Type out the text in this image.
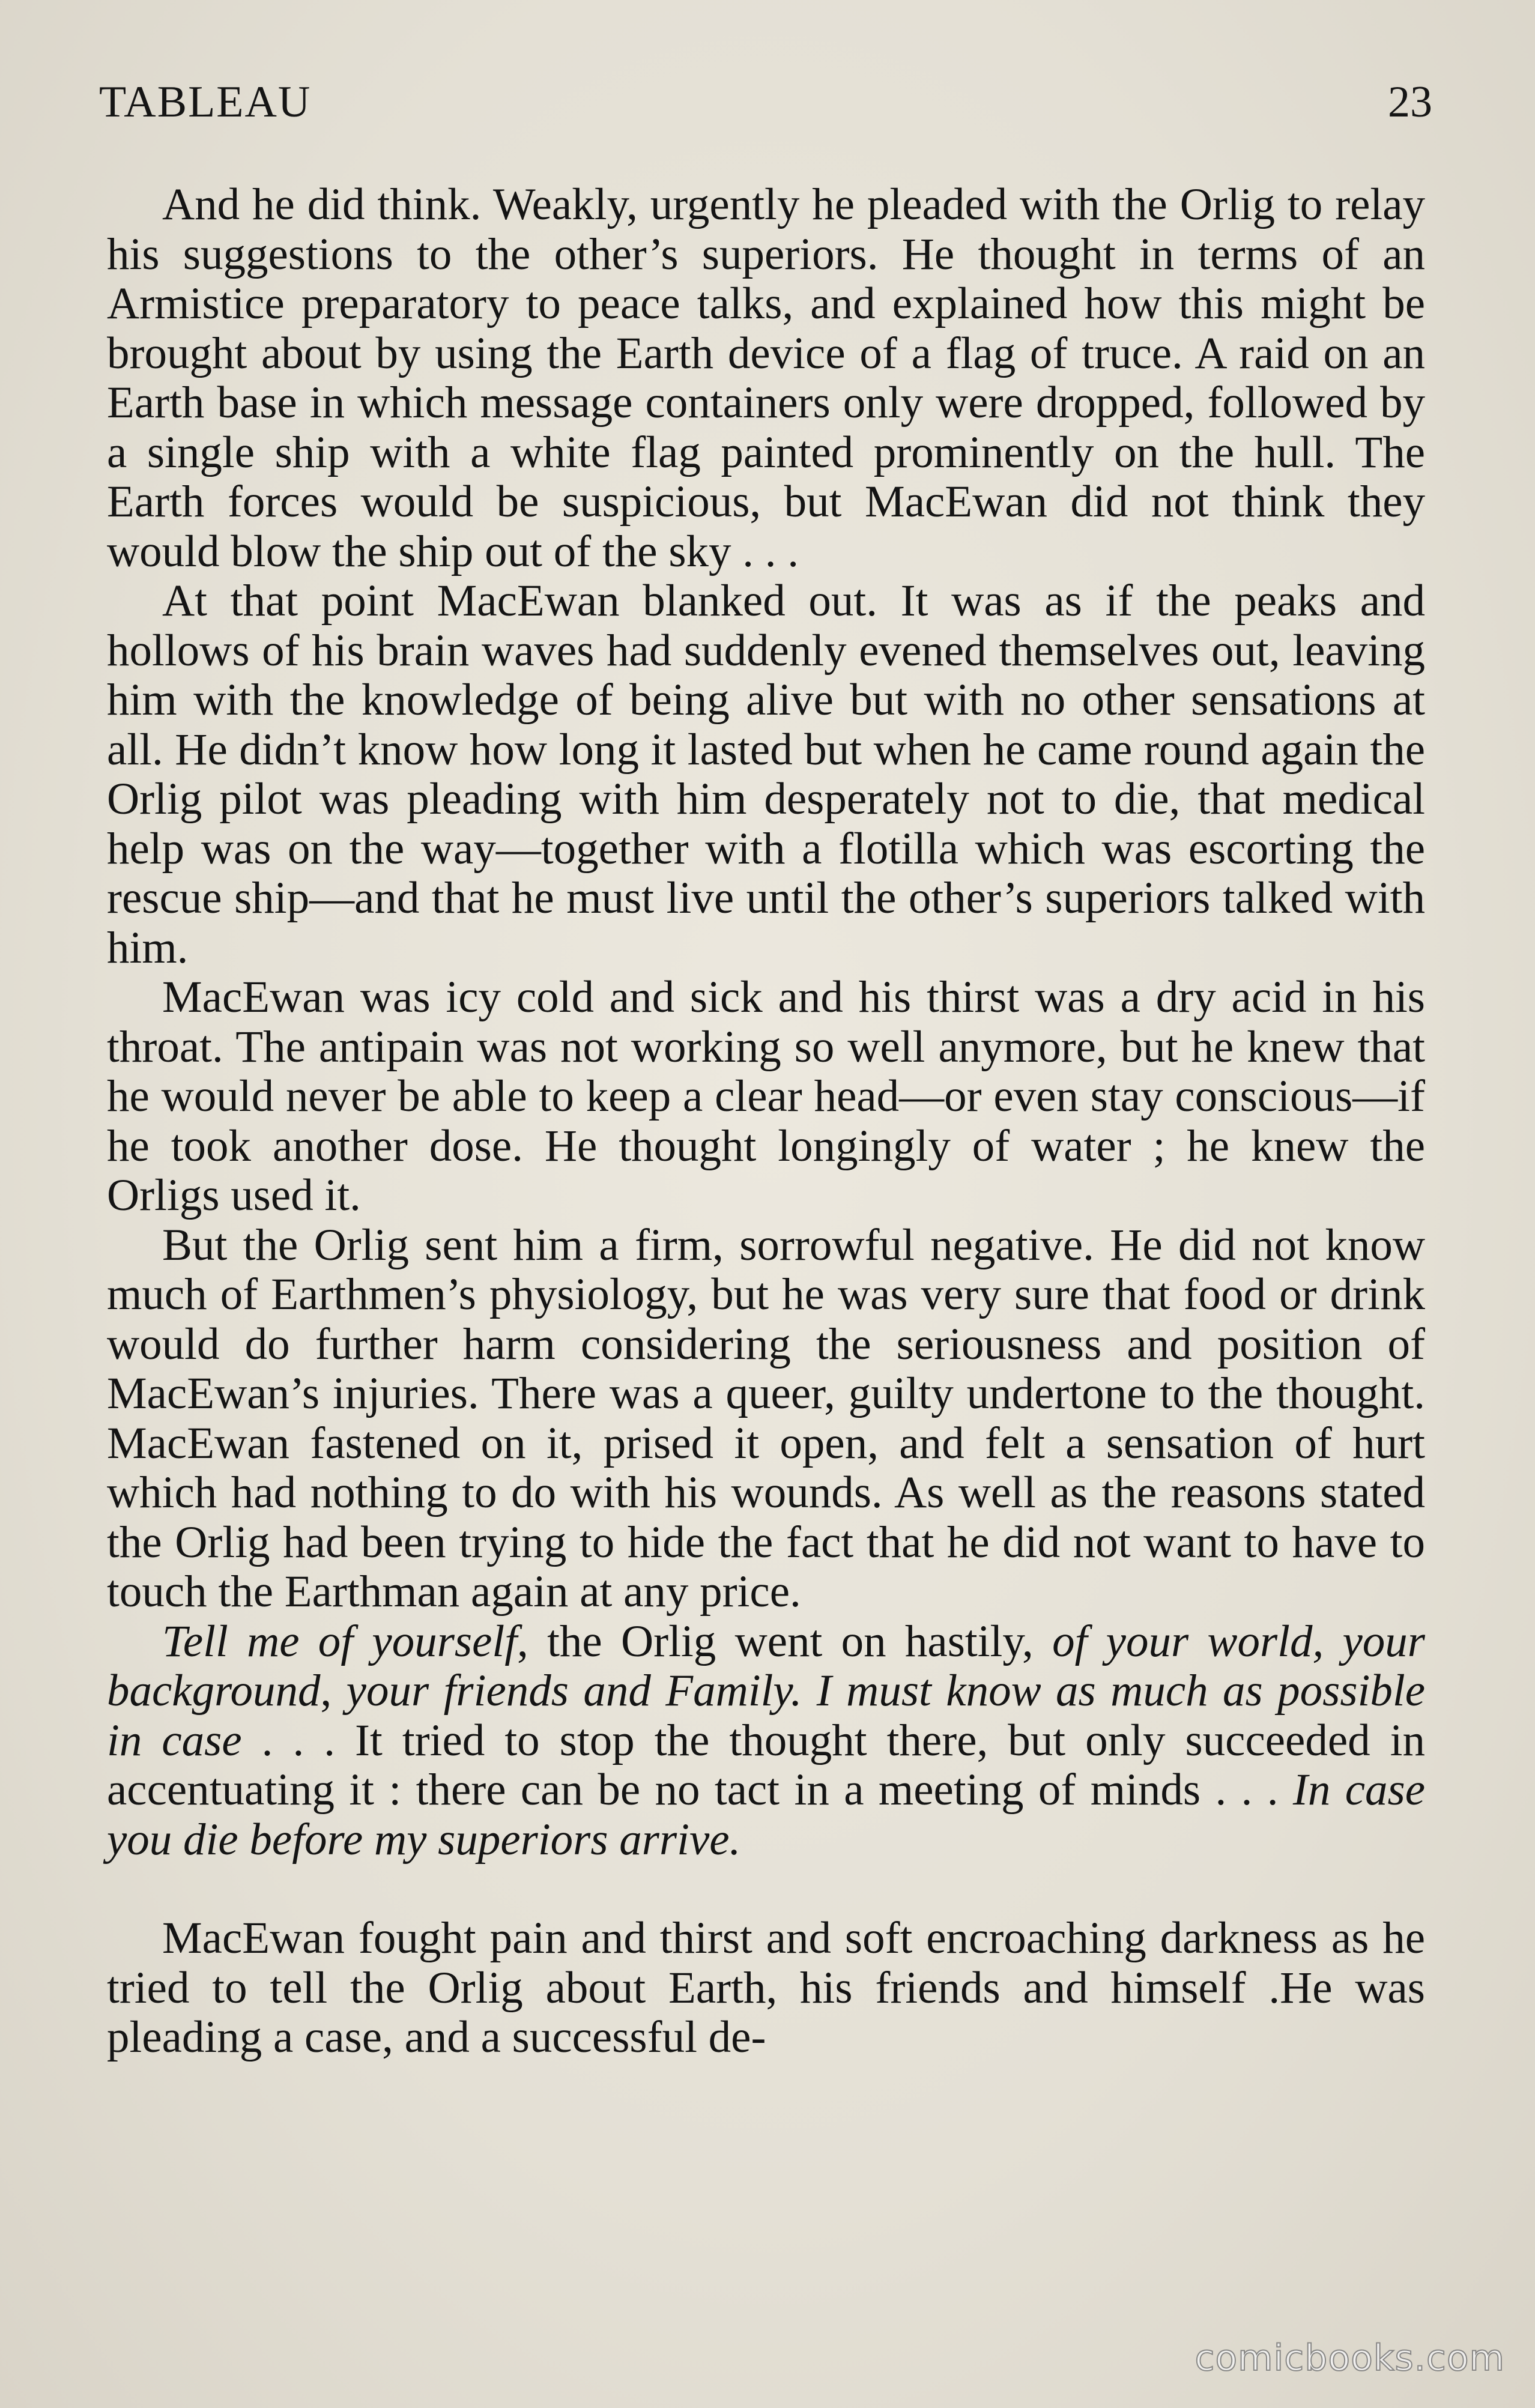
TABLEAU	23

And he did think. Weakly, urgently he pleaded with the Orlig to relay his suggestions to the other’s superiors. He thought in terms of an Armistice preparatory to peace talks, and explained how this might be brought about by using the Earth device of a flag of truce. A raid on an Earth base in which message containers only were dropped, followed by a single ship with a white flag painted prominently on the hull. The Earth forces would be suspicious, but MacEwan did not think they would blow the ship out of the sky . . .

At that point MacEwan blanked out. It was as if the peaks and hollows of his brain waves had suddenly evened themselves out, leaving him with the knowledge of being alive but with no other sensations at all. He didn’t know how long it lasted but when he came round again the Orlig pilot was pleading with him desperately not to die, that medical help was on the way—together with a flotilla which was escorting the rescue ship—and that he must live until the other’s superiors talked with him.

MacEwan was icy cold and sick and his thirst was a dry acid in his throat. The antipain was not working so well anymore, but he knew that he would never be able to keep a clear head—or even stay conscious—if he took another dose. He thought longingly of water ; he knew the Orligs used it.

But the Orlig sent him a firm, sorrowful negative. He did not know much of Earthmen’s physiology, but he was very sure that food or drink would do further harm considering the seriousness and position of MacEwan’s injuries. There was a queer, guilty undertone to the thought. MacEwan fastened on it, prised it open, and felt a sensation of hurt which had nothing to do with his wounds. As well as the reasons stated the Orlig had been trying to hide the fact that he did not want to have to touch the Earthman again at any price.

Tell me of yourself, the Orlig went on hastily, of your world, your background, your friends and Family. I must know as much as possible in case . . . It tried to stop the thought there, but only succeeded in accentuating it : there can be no tact in a meeting of minds . . . In case you die before my superiors arrive.

MacEwan fought pain and thirst and soft encroaching darkness as he tried to tell the Orlig about Earth, his friends and himself .He was pleading a case, and a successful de-

comicbooks.com
